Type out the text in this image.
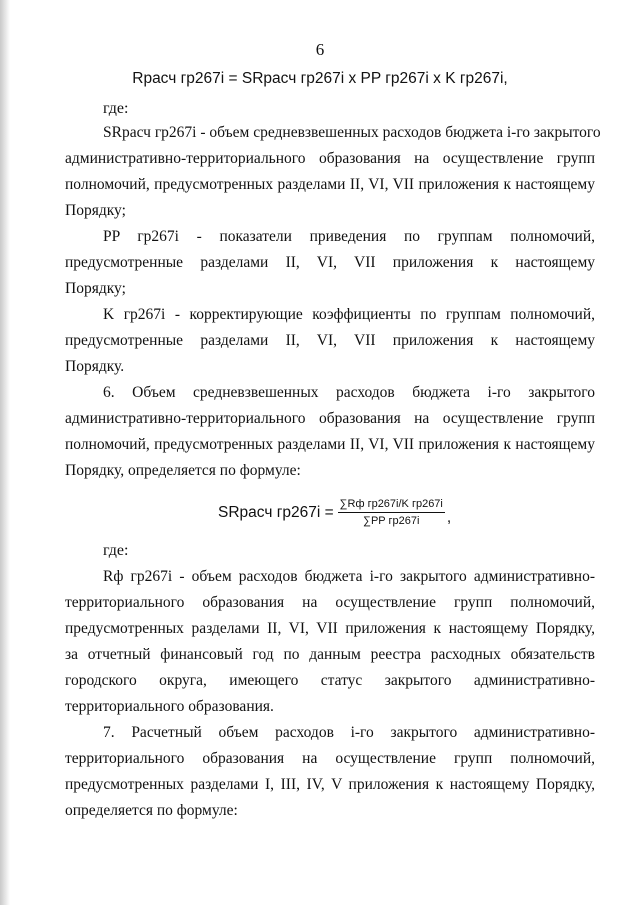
6
Rрасч гр267i = SRрасч гр267i x PP гр267i x K гр267i,
где:
SRрасч гр267i - объем средневзвешенных расходов бюджета i-го закрытого
административно-территориального образования на осуществление групп
полномочий, предусмотренных разделами II, VI, VII приложения к настоящему
Порядку;
PP гр267i - показатели приведения по группам полномочий,
предусмотренные разделами II, VI, VII приложения к настоящему
Порядку;
K гр267i - корректирующие коэффициенты по группам полномочий,
предусмотренные разделами II, VI, VII приложения к настоящему
Порядку.
6. Объем средневзвешенных расходов бюджета i-го закрытого
административно-территориального образования на осуществление групп
полномочий, предусмотренных разделами II, VI, VII приложения к настоящему
Порядку, определяется по формуле:
SRрасч $гр267i = \frac{\text{∑Rф гр267i/K гр267i}}{\text{∑PP гр267i}}$ ,
где:
Rф гр267i - объем расходов бюджета i-го закрытого административно-
территориального образования на осуществление групп полномочий,
предусмотренных разделами II, VI, VII приложения к настоящему Порядку,
за отчетный финансовый год по данным реестра расходных обязательств
городского округа, имеющего статус закрытого административно-
территориального образования.
7. Расчетный объем расходов i-го закрытого административно-
территориального образования на осуществление групп полномочий,
предусмотренных разделами I, III, IV, V приложения к настоящему Порядку,
определяется по формуле:
